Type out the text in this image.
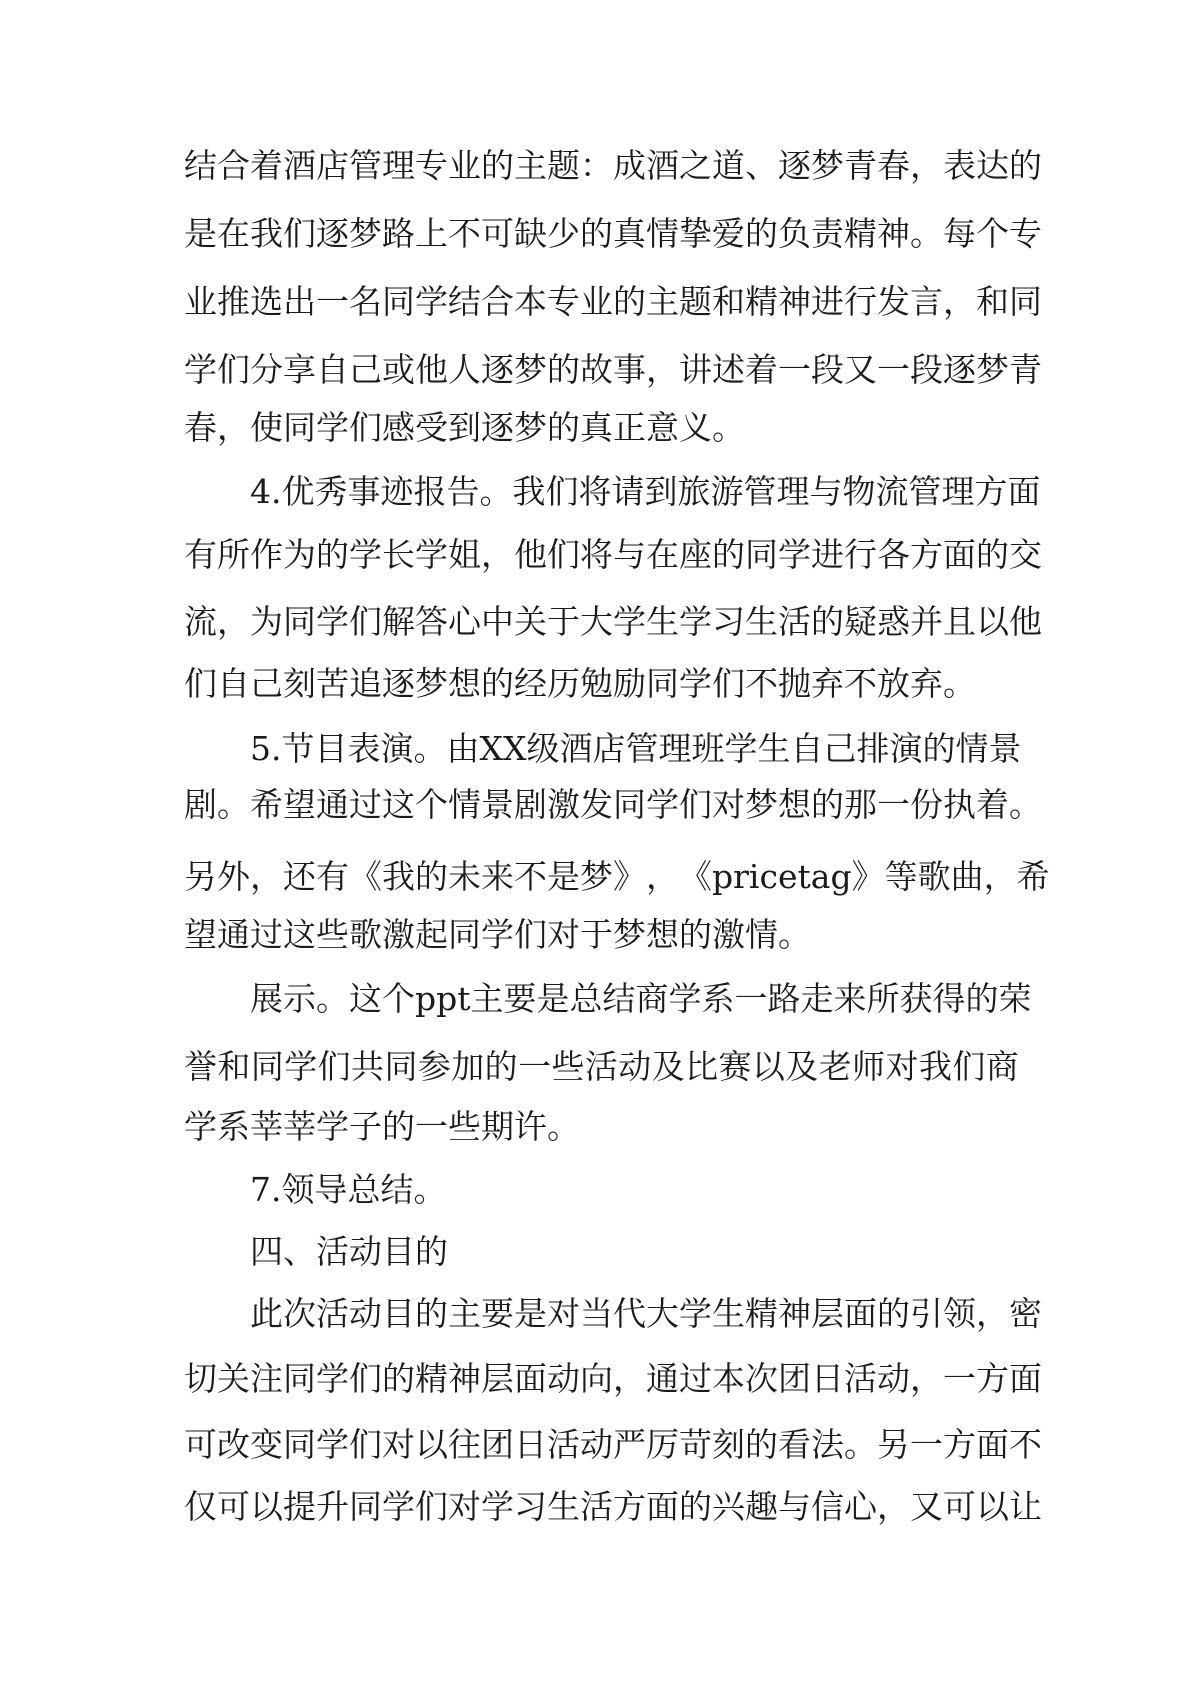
结 合 着 酒 店 管 理 专 业 的 主 题 ： 成 酒 之 道 、 逐 梦 青 春 ， 表 达 的
是 在 我 们 逐 梦 路 上 不 可 缺 少 的 真 情 挚 爱 的 负 责 精 神 。 每 个 专
业 推 选 出 一 名 同 学 结 合 本 专 业 的 主 题 和 精 神 进 行 发 言 ， 和 同
学 们 分 享 自 己 或 他 人 逐 梦 的 故 事 ， 讲 述 着 一 段 又 一 段 逐 梦 青
春，使同学们感受到逐梦的真正意义。
4 . 优 秀 事 迹 报 告 。 我 们 将 请 到 旅 游 管 理 与 物 流 管 理 方 面
有 所 作 为 的 学 长 学 姐 ， 他 们 将 与 在 座 的 同 学 进 行 各 方 面 的 交
流 ， 为 同 学 们 解 答 心 中 关 于 大 学 生 学 习 生 活 的 疑 惑 并 且 以 他
们自己刻苦追逐梦想的经历勉励同学们不抛弃不放弃。
5 . 节 目 表 演 。 由 X X 级 酒 店 管 理 班 学 生 自 己 排 演 的 情 景
剧 。 希 望 通 过 这 个 情 景 剧 激 发 同 学 们 对 梦 想 的 那 一 份 执 着 。
另 外 ， 还 有 《 我 的 未 来 不 是 梦 》 ， 《 p r i c e t a g 》 等 歌 曲 ， 希
望通过这些歌激起同学们对于梦想的激情。
展 示 。 这 个 p p t 主 要 是 总 结 商 学 系 一 路 走 来 所 获 得 的 荣
誉 和 同 学 们 共 同 参 加 的 一 些 活 动 及 比 赛 以 及 老 师 对 我 们 商
学系莘莘学子的一些期许。
7.领导总结。
四、活动目的
此 次 活 动 目 的 主 要 是 对 当 代 大 学 生 精 神 层 面 的 引 领 ， 密
切 关 注 同 学 们 的 精 神 层 面 动 向 ， 通 过 本 次 团 日 活 动 ， 一 方 面
可 改 变 同 学 们 对 以 往 团 日 活 动 严 厉 苛 刻 的 看 法 。 另 一 方 面 不
仅 可 以 提 升 同 学 们 对 学 习 生 活 方 面 的 兴 趣 与 信 心 ， 又 可 以 让
